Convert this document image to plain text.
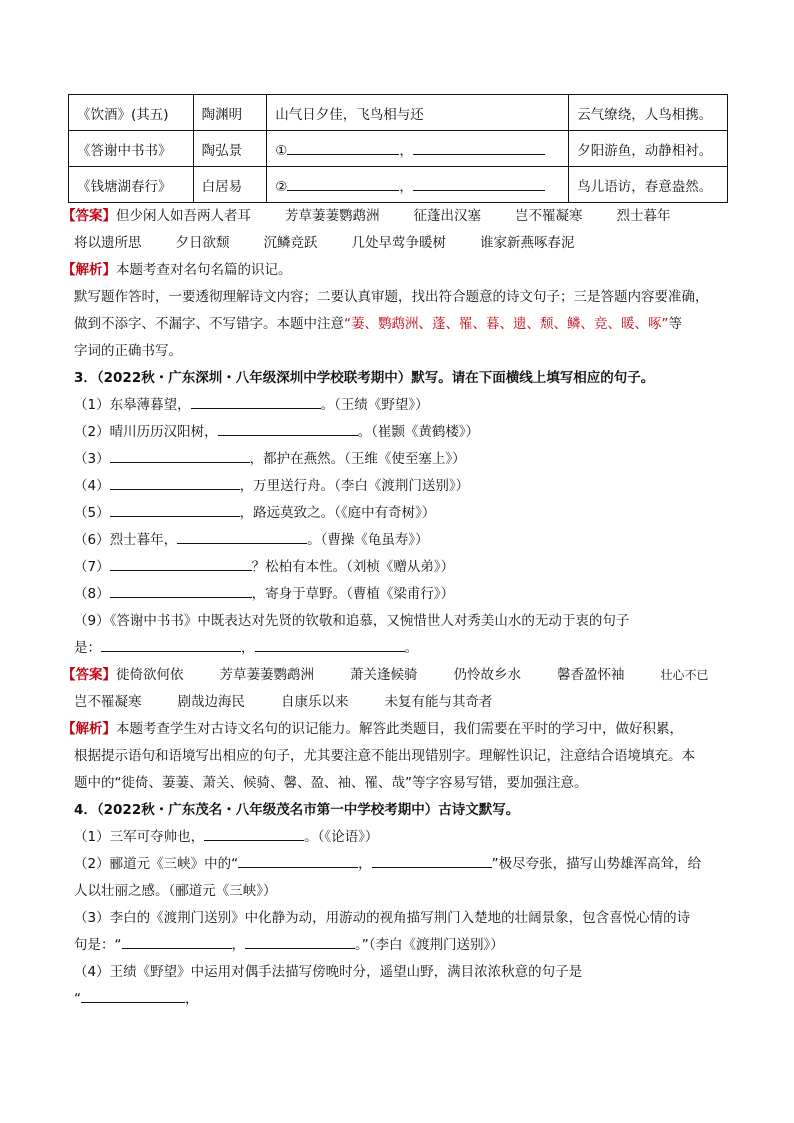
《饮酒》(其五)	陶渊明	山气日夕佳，飞鸟相与还	云气缭绕，人鸟相携。
《答谢中书书》	陶弘景	① ，	夕阳游鱼，动静相衬。
《钱塘湖春行》	白居易	② ，	鸟儿语访，春意盎然。
【答案】但少闲人如吾两人者耳	芳草萋萋鹦鹉洲	征蓬出汉塞	岂不罹凝寒	烈士暮年
将以遗所思	夕日欲颓	沉鳞竞跃	几处早莺争暖树	谁家新燕啄春泥
【解析】本题考查对名句名篇的识记。
默写题作答时，一要透彻理解诗文内容；二要认真审题，找出符合题意的诗文句子；三是答题内容要准确，
做到不添字、不漏字、不写错字。本题中注意“萋、鹦鹉洲、蓬、罹、暮、遗、颓、鳞、竞、暖、啄”等
字词的正确书写。
3．（2022秋・广东深圳・八年级深圳中学校联考期中）默写。请在下面横线上填写相应的句子。
（1）东皋薄暮望，	。（王绩《野望》）
（2）晴川历历汉阳树，	。（崔颢《黄鹤楼》）
（3）	，都护在燕然。（王维《使至塞上》）
（4）	，万里送行舟。（李白《渡荆门送别》）
（5）	，路远莫致之。（《庭中有奇树》）
（6）烈士暮年，	。（曹操《龟虽寿》）
（7）	？松柏有本性。（刘桢《赠从弟》）
（8）	，寄身于草野。（曹植《梁甫行》）
（9）《答谢中书书》中既表达对先贤的钦敬和追慕，又惋惜世人对秀美山水的无动于衷的句子
是：	，	。
【答案】徙倚欲何依	芳草萋萋鹦鹉洲	萧关逢候骑	仍怜故乡水	馨香盈怀袖	壮心不已
岂不罹凝寒	剧哉边海民	自康乐以来	未复有能与其奇者
【解析】本题考查学生对古诗文名句的识记能力。解答此类题目，我们需要在平时的学习中，做好积累，
根据提示语句和语境写出相应的句子，尤其要注意不能出现错别字。理解性识记，注意结合语境填充。本
题中的“徙倚、萋萋、萧关、候骑、馨、盈、袖、罹、哉”等字容易写错，要加强注意。
4．（2022秋・广东茂名・八年级茂名市第一中学校考期中）古诗文默写。
（1）三军可夺帅也，	。（《论语》）
（2）郦道元《三峡》中的“	，	”极尽夸张，描写山势雄浑高耸，给
人以壮丽之感。（郦道元《三峡》）
（3）李白的《渡荆门送别》中化静为动，用游动的视角描写荆门入楚地的壮阔景象，包含喜悦心情的诗
句是：“	，	。”（李白《渡荆门送别》）
（4）王绩《野望》中运用对偶手法描写傍晚时分，遥望山野，满目浓浓秋意的句子是
“	，
